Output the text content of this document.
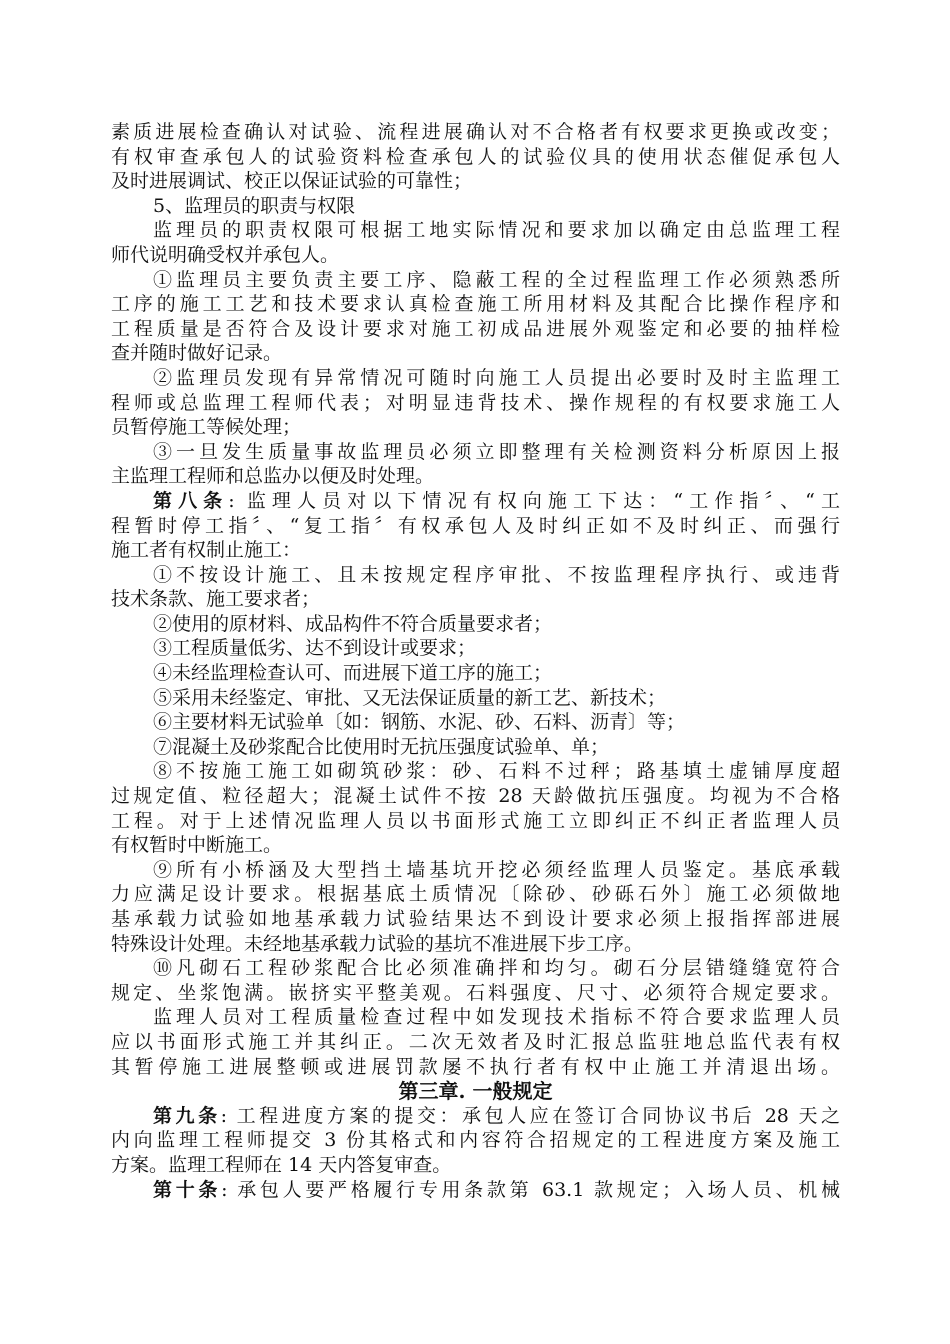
素质进展检查确认对试验、流程进展确认对不合格者有权要求更换或改变；
有权审查承包人的试验资料检查承包人的试验仪具的使用状态催促承包人
及时进展调试、校正以保证试验的可靠性；
5、监理员的职责与权限
监理员的职责权限可根据工地实际情况和要求加以确定由总监理工程
师代说明确受权并承包人。
①监理员主要负责主要工序、隐蔽工程的全过程监理工作必须熟悉所
工序的施工工艺和技术要求认真检查施工所用材料及其配合比操作程序和
工程质量是否符合及设计要求对施工初成品进展外观鉴定和必要的抽样检
查并随时做好记录。
②监理员发现有异常情况可随时向施工人员提出必要时及时主监理工
程师或总监理工程师代表；对明显违背技术、操作规程的有权要求施工人
员暂停施工等候处理；
③一旦发生质量事故监理员必须立即整理有关检测资料分析原因上报
主监理工程师和总监办以便及时处理。
第八条: 监理人员对以下情况有权向施工下达：“工作指〞、“工
程暂时停工指〞、“复工指〞有权承包人及时纠正如不及时纠正、而强行
施工者有权制止施工：
①不按设计施工、且未按规定程序审批、不按监理程序执行、或违背
技术条款、施工要求者；
②使用的原材料、成品构件不符合质量要求者；
③工程质量低劣、达不到设计或要求；
④未经监理检查认可、而进展下道工序的施工；
⑤采用未经鉴定、审批、又无法保证质量的新工艺、新技术；
⑥主要材料无试验单〔如：钢筋、水泥、砂、石料、沥青〕等；
⑦混凝土及砂浆配合比使用时无抗压强度试验单、单；
⑧不按施工施工如砌筑砂浆：砂、石料不过秤；路基填土虚铺厚度超
过规定值、粒径超大；混凝土试件不按 28 天龄做抗压强度。均视为不合格
工程。对于上述情况监理人员以书面形式施工立即纠正不纠正者监理人员
有权暂时中断施工。
⑨所有小桥涵及大型挡土墙基坑开挖必须经监理人员鉴定。基底承载
力应满足设计要求。根据基底土质情况〔除砂、砂砾石外〕施工必须做地
基承载力试验如地基承载力试验结果达不到设计要求必须上报指挥部进展
特殊设计处理。未经地基承载力试验的基坑不准进展下步工序。
⑩凡砌石工程砂浆配合比必须准确拌和均匀。砌石分层错缝缝宽符合
规定、坐浆饱满。嵌挤实平整美观。石料强度、尺寸、必须符合规定要求。
监理人员对工程质量检查过程中如发现技术指标不符合要求监理人员
应以书面形式施工并其纠正。二次无效者及时汇报总监驻地总监代表有权
其暂停施工进展整顿或进展罚款屡不执行者有权中止施工并清退出场。
第三章. 一般规定
第九条: 工程进度方案的提交：承包人应在签订合同协议书后 28 天之
内向监理工程师提交 3 份其格式和内容符合招规定的工程进度方案及施工
方案。监理工程师在 14 天内答复审查。
第十条: 承包人要严格履行专用条款第 63.1 款规定；入场人员、机械
